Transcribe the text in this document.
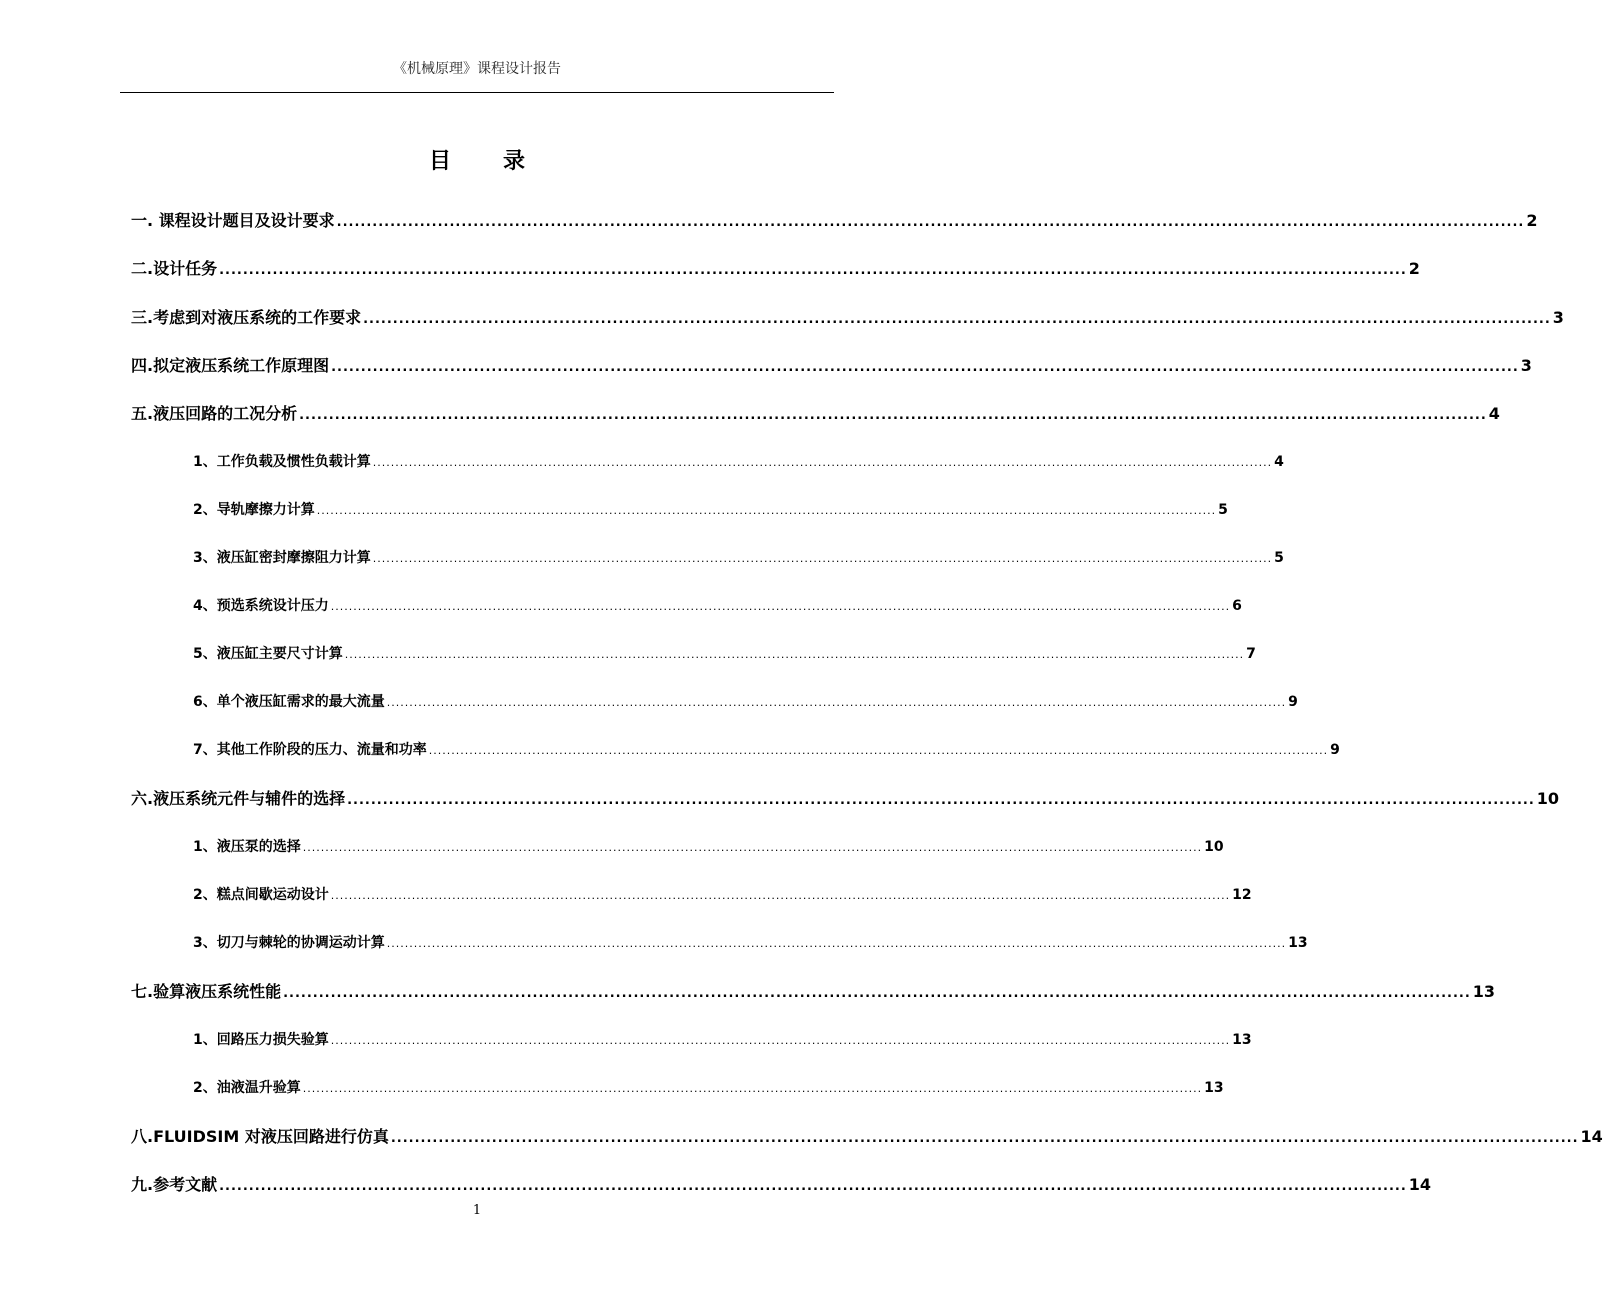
《机械原理》课程设计报告
目 录
一. 课程设计题目及设计要求 ........................................................................................................................................................................................................ 2
二.设计任务 ........................................................................................................................................................................................................ 2
三.考虑到对液压系统的工作要求 ........................................................................................................................................................................................................ 3
四.拟定液压系统工作原理图 ........................................................................................................................................................................................................ 3
五.液压回路的工况分析 ........................................................................................................................................................................................................ 4
1、工作负载及惯性负载计算 ........................................................................................................................................................................................................ 4
2、导轨摩擦力计算 ........................................................................................................................................................................................................ 5
3、液压缸密封摩擦阻力计算 ........................................................................................................................................................................................................ 5
4、预选系统设计压力 ........................................................................................................................................................................................................ 6
5、液压缸主要尺寸计算 ........................................................................................................................................................................................................ 7
6、单个液压缸需求的最大流量 ........................................................................................................................................................................................................ 9
7、其他工作阶段的压力、流量和功率 ........................................................................................................................................................................................................ 9
六.液压系统元件与辅件的选择 ........................................................................................................................................................................................................ 10
1、液压泵的选择 ........................................................................................................................................................................................................ 10
2、糕点间歇运动设计 ........................................................................................................................................................................................................ 12
3、切刀与棘轮的协调运动计算 ........................................................................................................................................................................................................ 13
七.验算液压系统性能 ........................................................................................................................................................................................................ 13
1、回路压力损失验算 ........................................................................................................................................................................................................ 13
2、油液温升验算 ........................................................................................................................................................................................................ 13
八.FLUIDSIM 对液压回路进行仿真 ........................................................................................................................................................................................................ 14
九.参考文献 ........................................................................................................................................................................................................ 14
1
